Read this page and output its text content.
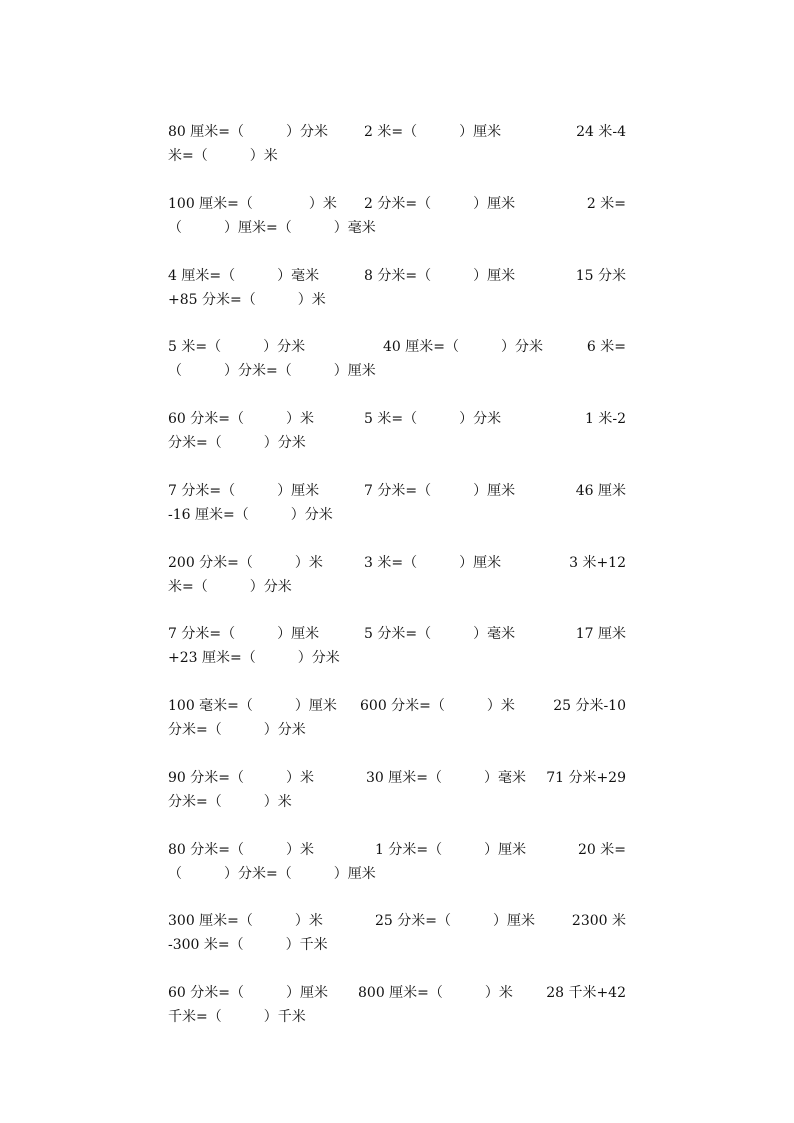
80 厘米=（　　　）分米	2 米=（　　　）厘米	24 米-4
米=（　　　）米
100 厘米=（　　　　）米 2 分米=（　　　）厘米	2 米=
（　　　）厘米=（　　　）毫米
4 厘米=（　　　）毫米	8 分米=（　　　）厘米	15 分米
+85 分米=（　　　）米
5 米=（　　　）分米	40 厘米=（　　　）分米	6 米=
（　　　）分米=（　　　）厘米
60 分米=（　　　）米	5 米=（　　　）分米	1 米-2
分米=（　　　）分米
7 分米=（　　　）厘米	7 分米=（　　　）厘米	46 厘米
-16 厘米=（　　　）分米
200 分米=（　　　）米	3 米=（　　　）厘米	3 米+12
米=（　　　）分米
7 分米=（　　　）厘米	5 分米=（　　　）毫米	17 厘米
+23 厘米=（　　　）分米
100 毫米=（　　　）厘米 600 分米=（　　　）米	25 分米-10
分米=（　　　）分米
90 分米=（　　　）米	30 厘米=（　　　）毫米 71 分米+29
分米=（　　　）米
80 分米=（　　　）米	1 分米=（　　　）厘米	20 米=
（　　　）分米=（　　　）厘米
300 厘米=（　　　）米	25 分米=（　　　）厘米	2300 米
-300 米=（　　　）千米
60 分米=（　　　）厘米 800 厘米=（　　　）米 28 千米+42
千米=（　　　）千米
